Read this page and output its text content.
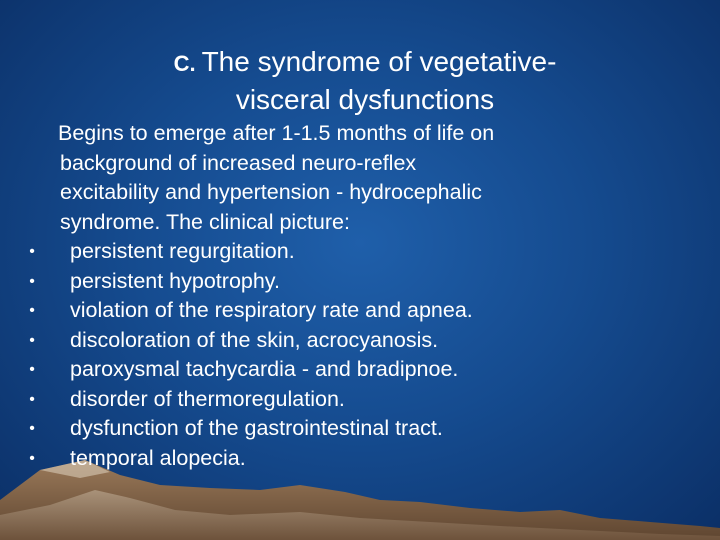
C. The syndrome of vegetative-
visceral dysfunctions

Begins to emerge after 1-1.5 months of life on
background of increased neuro-reflex
excitability and hypertension - hydrocephalic
syndrome. The clinical picture:

• persistent regurgitation.
• persistent hypotrophy.
• violation of the respiratory rate and apnea.
• discoloration of the skin, acrocyanosis.
• paroxysmal tachycardia - and bradipnoe.
• disorder of thermoregulation.
• dysfunction of the gastrointestinal tract.
• temporal alopecia.
